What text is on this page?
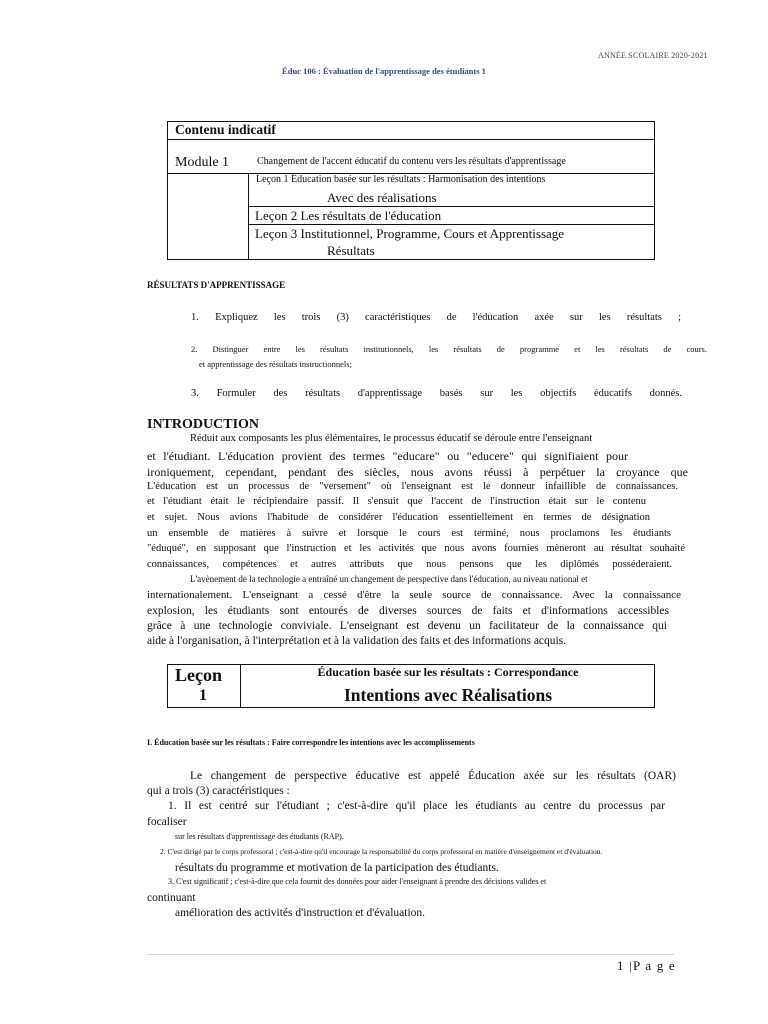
ANNÉE SCOLAIRE 2020-2021
Éduc 106 : Évaluation de l'apprentissage des étudiants 1
Contenu indicatif
Module 1	Changement de l'accent éducatif du contenu vers les résultats d'apprentissage
Leçon 1 Éducation basée sur les résultats : Harmonisation des intentions
Avec des réalisations
Leçon 2 Les résultats de l'éducation
Leçon 3 Institutionnel, Programme, Cours et Apprentissage
Résultats
RÉSULTATS D'APPRENTISSAGE
1. Expliquez les trois (3) caractéristiques de l'éducation axée sur les résultats ;
2. Distinguer entre les résultats institutionnels, les résultats de programme et les résultats de cours.
et apprentissage des résultats instructionnels;
3. Formuler des résultats d'apprentissage basés sur les objectifs éducatifs donnés.
INTRODUCTION
Réduit aux composants les plus élémentaires, le processus éducatif se déroule entre l'enseignant
et l'étudiant. L'éducation provient des termes "educare" ou "educere" qui signifiaient pour
ironiquement, cependant, pendant des siècles, nous avons réussi à perpétuer la croyance que
L'éducation est un processus de "versement" où l'enseignant est le donneur infaillible de connaissances.
et l'étudiant était le récipiendaire passif. Il s'ensuit que l'accent de l'instruction était sur le contenu
et sujet. Nous avions l'habitude de considérer l'éducation essentiellement en termes de désignation
un ensemble de matières à suivre et lorsque le cours est terminé, nous proclamons les étudiants
"éduqué", en supposant que l'instruction et les activités que nous avons fournies mèneront au résultat souhaité
connaissances, compétences et autres attributs que nous pensons que les diplômés posséderaient.
L'avènement de la technologie a entraîné un changement de perspective dans l'éducation, au niveau national et
internationalement. L'enseignant a cessé d'être la seule source de connaissance. Avec la connaissance
explosion, les étudiants sont entourés de diverses sources de faits et d'informations accessibles
grâce à une technologie conviviale. L'enseignant est devenu un facilitateur de la connaissance qui
aide à l'organisation, à l'interprétation et à la validation des faits et des informations acquis.
Leçon
1
Éducation basée sur les résultats : Correspondance
Intentions avec Réalisations
I. Éducation basée sur les résultats : Faire correspondre les intentions avec les accomplissements
Le changement de perspective éducative est appelé Éducation axée sur les résultats (OAR)
qui a trois (3) caractéristiques :
1. Il est centré sur l'étudiant ; c'est-à-dire qu'il place les étudiants au centre du processus par
focaliser
sur les résultats d'apprentissage des étudiants (RAP).
2. C'est dirigé par le corps professoral ; c'est-à-dire qu'il encourage la responsabilité du corps professoral en matière d'enseignement et d'évaluation.
résultats du programme et motivation de la participation des étudiants.
3. C'est significatif ; c'est-à-dire que cela fournit des données pour aider l'enseignant à prendre des décisions valides et
continuant
amélioration des activités d'instruction et d'évaluation.
1 |P a g e
